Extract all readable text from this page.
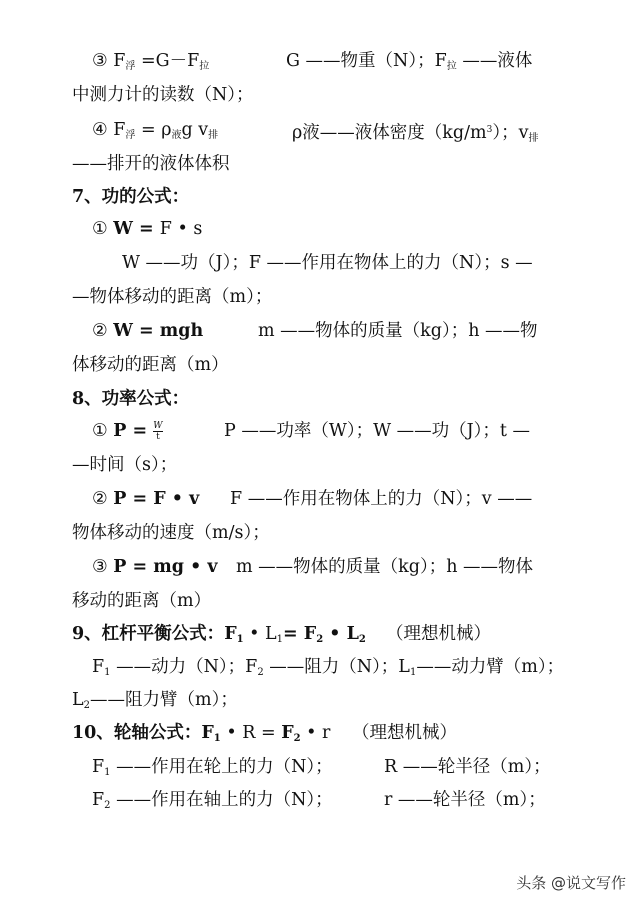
③ $F_浮 =G-F_拉$	G ——物重（N）；$F_拉$ ——液体
中测力计的读数（N）；
④ $F_浮 = \rho_液g$ $v_排$	ρ液——液体密度$(kg/m^3)$；$v_排$
——排开的液体体积
7、功的公式：
① W = F • s
W ——功（J）；F ——作用在物体上的力（N）；s —
—物体移动的距离（m）；
② W = mgh	m ——物体的质量（kg）；h ——物
体移动的距离（m）
8、功率公式：
① $P = \frac{W}{t}$	P ——功率（W）；W ——功（J）；t —
—时间（s）；
② P = F • v F ——作用在物体上的力（N）；v ——
物体移动的速度（m/s）；
③ P = mg • v m ——物体的质量（kg）；h ——物体
移动的距离（m）
9、杠杆平衡公式：$F_1$ • $L_1= F_2$ • $L_2$ （理想机械）
$F_1$ ——动力（N）；$F_2$ ——阻力（N）；$L_1——$动力臂（m）；
$L_2——$阻力臂（m）；
10、轮轴公式：$F_1$ • $R = F_2$ • r （理想机械）
$F_1$ ——作用在轮上的力（N）；	R ——轮半径（m）；
$F_2$ ——作用在轴上的力（N）；	r ——轮半径（m）；
头条 @说文写作
